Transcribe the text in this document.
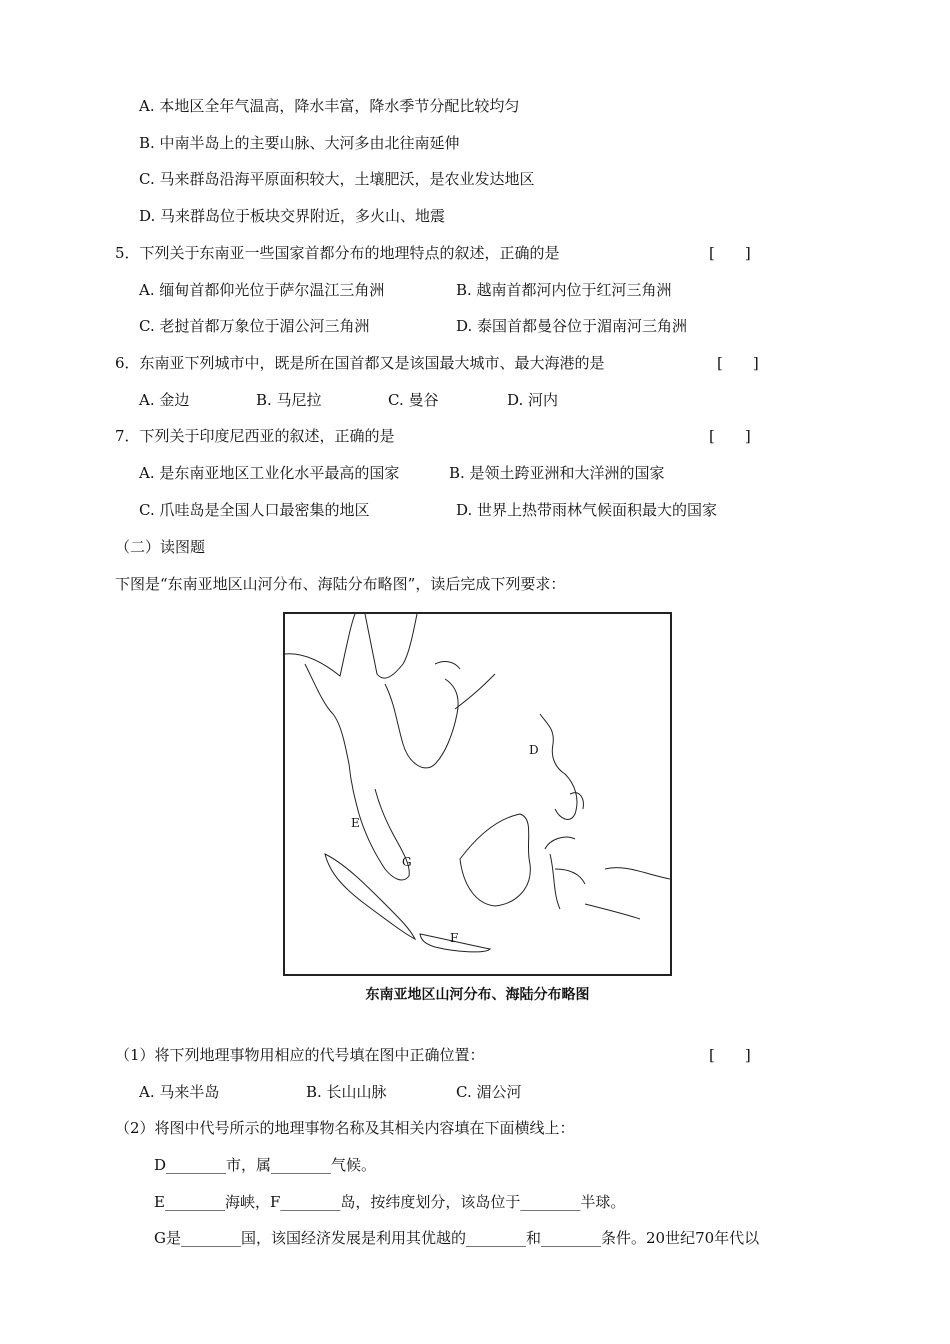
A. 本地区全年气温高，降水丰富，降水季节分配比较均匀
B. 中南半岛上的主要山脉、大河多由北往南延伸
C. 马来群岛沿海平原面积较大，土壤肥沃，是农业发达地区
D. 马来群岛位于板块交界附近，多火山、地震
5．下列关于东南亚一些国家首都分布的地理特点的叙述，正确的是	[　　]
A. 缅甸首都仰光位于萨尔温江三角洲	B. 越南首都河内位于红河三角洲
C. 老挝首都万象位于湄公河三角洲	D. 泰国首都曼谷位于湄南河三角洲
6．东南亚下列城市中，既是所在国首都又是该国最大城市、最大海港的是	[　　]
A. 金边	B. 马尼拉	C. 曼谷	D. 河内
7．下列关于印度尼西亚的叙述，正确的是	[　　]
A. 是东南亚地区工业化水平最高的国家	B. 是领土跨亚洲和大洋洲的国家
C. 爪哇岛是全国人口最密集的地区	D. 世界上热带雨林气候面积最大的国家
（二）读图题
下图是“东南亚地区山河分布、海陆分布略图”，读后完成下列要求：
D
E
G
F
东南亚地区山河分布、海陆分布略图
（1）将下列地理事物用相应的代号填在图中正确位置：	[　　]
A. 马来半岛	B. 长山山脉	C. 湄公河
（2）将图中代号所示的地理事物名称及其相关内容填在下面横线上：
D________市，属________气候。
E________海峡，F________岛，按纬度划分，该岛位于________半球。
G是________国，该国经济发展是利用其优越的________和________条件。20世纪70年代以
